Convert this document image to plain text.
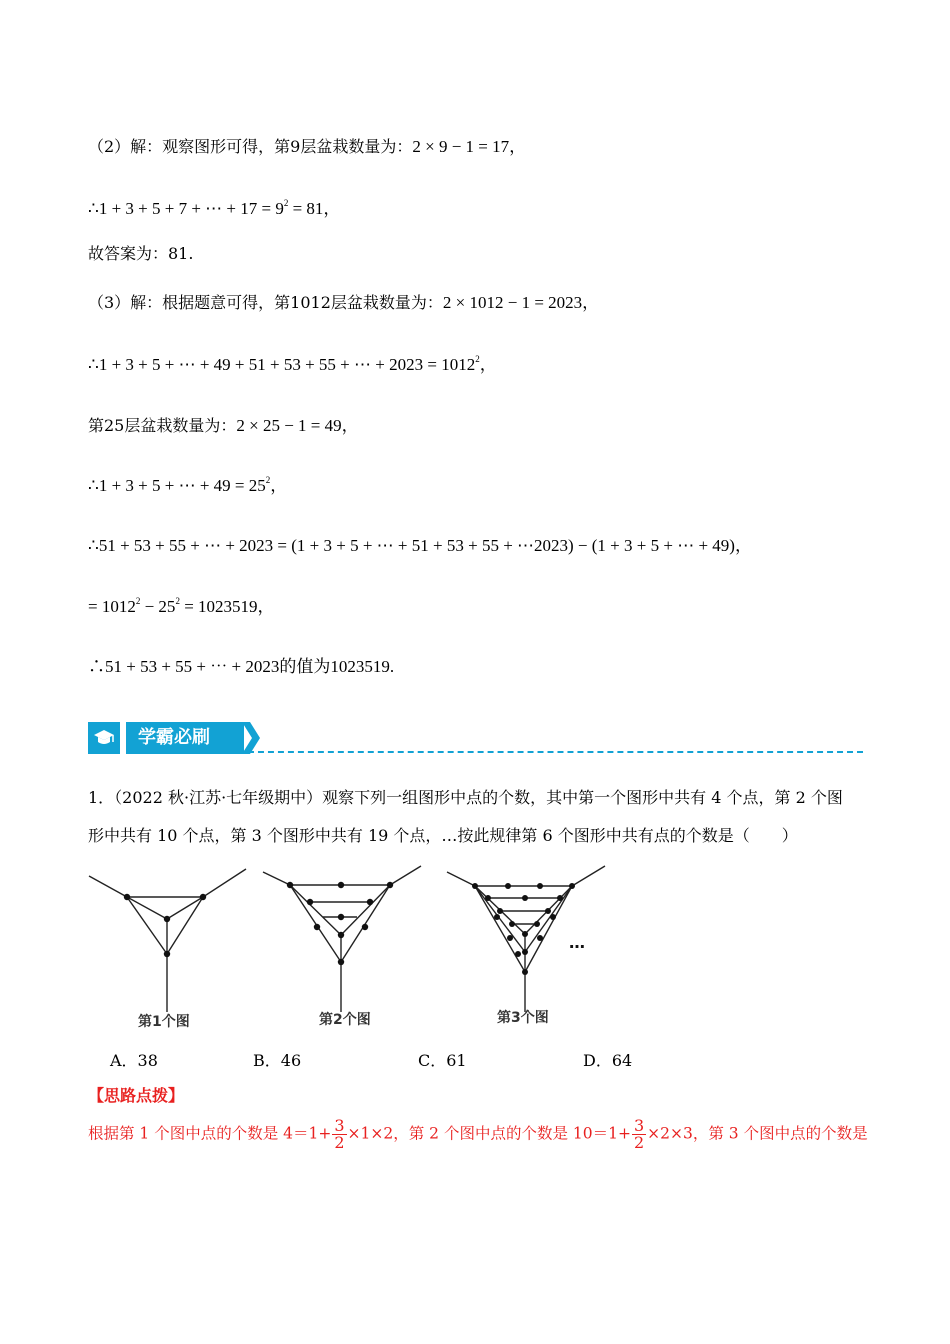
（2）解：观察图形可得，第9层盆栽数量为：2 × 9 − 1 = 17，
∴1 + 3 + 5 + 7 + ⋯ + $17 = 9^2 = 81$，
故答案为：81.
（3）解：根据题意可得，第1012层盆栽数量为：2 × 1012 − 1 = 2023，
∴1 + 3 + 5 + ⋯ + 49 + 51 + 53 + 55 + ⋯ + $2023 = 1012^2$，
第25层盆栽数量为：2 × 25 − 1 = 49，
∴1 + 3 + 5 + ⋯ + $49 = 25^2$，
∴51 + 53 + 55 + ⋯ + 2023 = (1 + 3 + 5 + ⋯ + 51 + 53 + 55 + ⋯2023) − (1 + 3 + 5 + ⋯ + 49)，
= $1012^2 - 25^2 = 1023519$，
∴51 + 53 + 55 + ⋯ + 2023的值为1023519.
学霸必刷
1．（2022 秋·江苏·七年级期中）观察下列一组图形中点的个数，其中第一个图形中共有 4 个点，第 2 个图
形中共有 10 个点，第 3 个图形中共有 19 个点，…按此规律第 6 个图形中共有点的个数是（　　）
第1个图	第2个图	第3个图
…
A．38	B．46	C．61	D．64
【思路点拨】
根据第 1 个图中点的个数是 $4=1+ \frac{3}{2} \times 1\times 2$，第 2 个图中点的个数是 $10=1+ \frac{3}{2} \times 2\times 3$，第 3 个图中点的个数是
